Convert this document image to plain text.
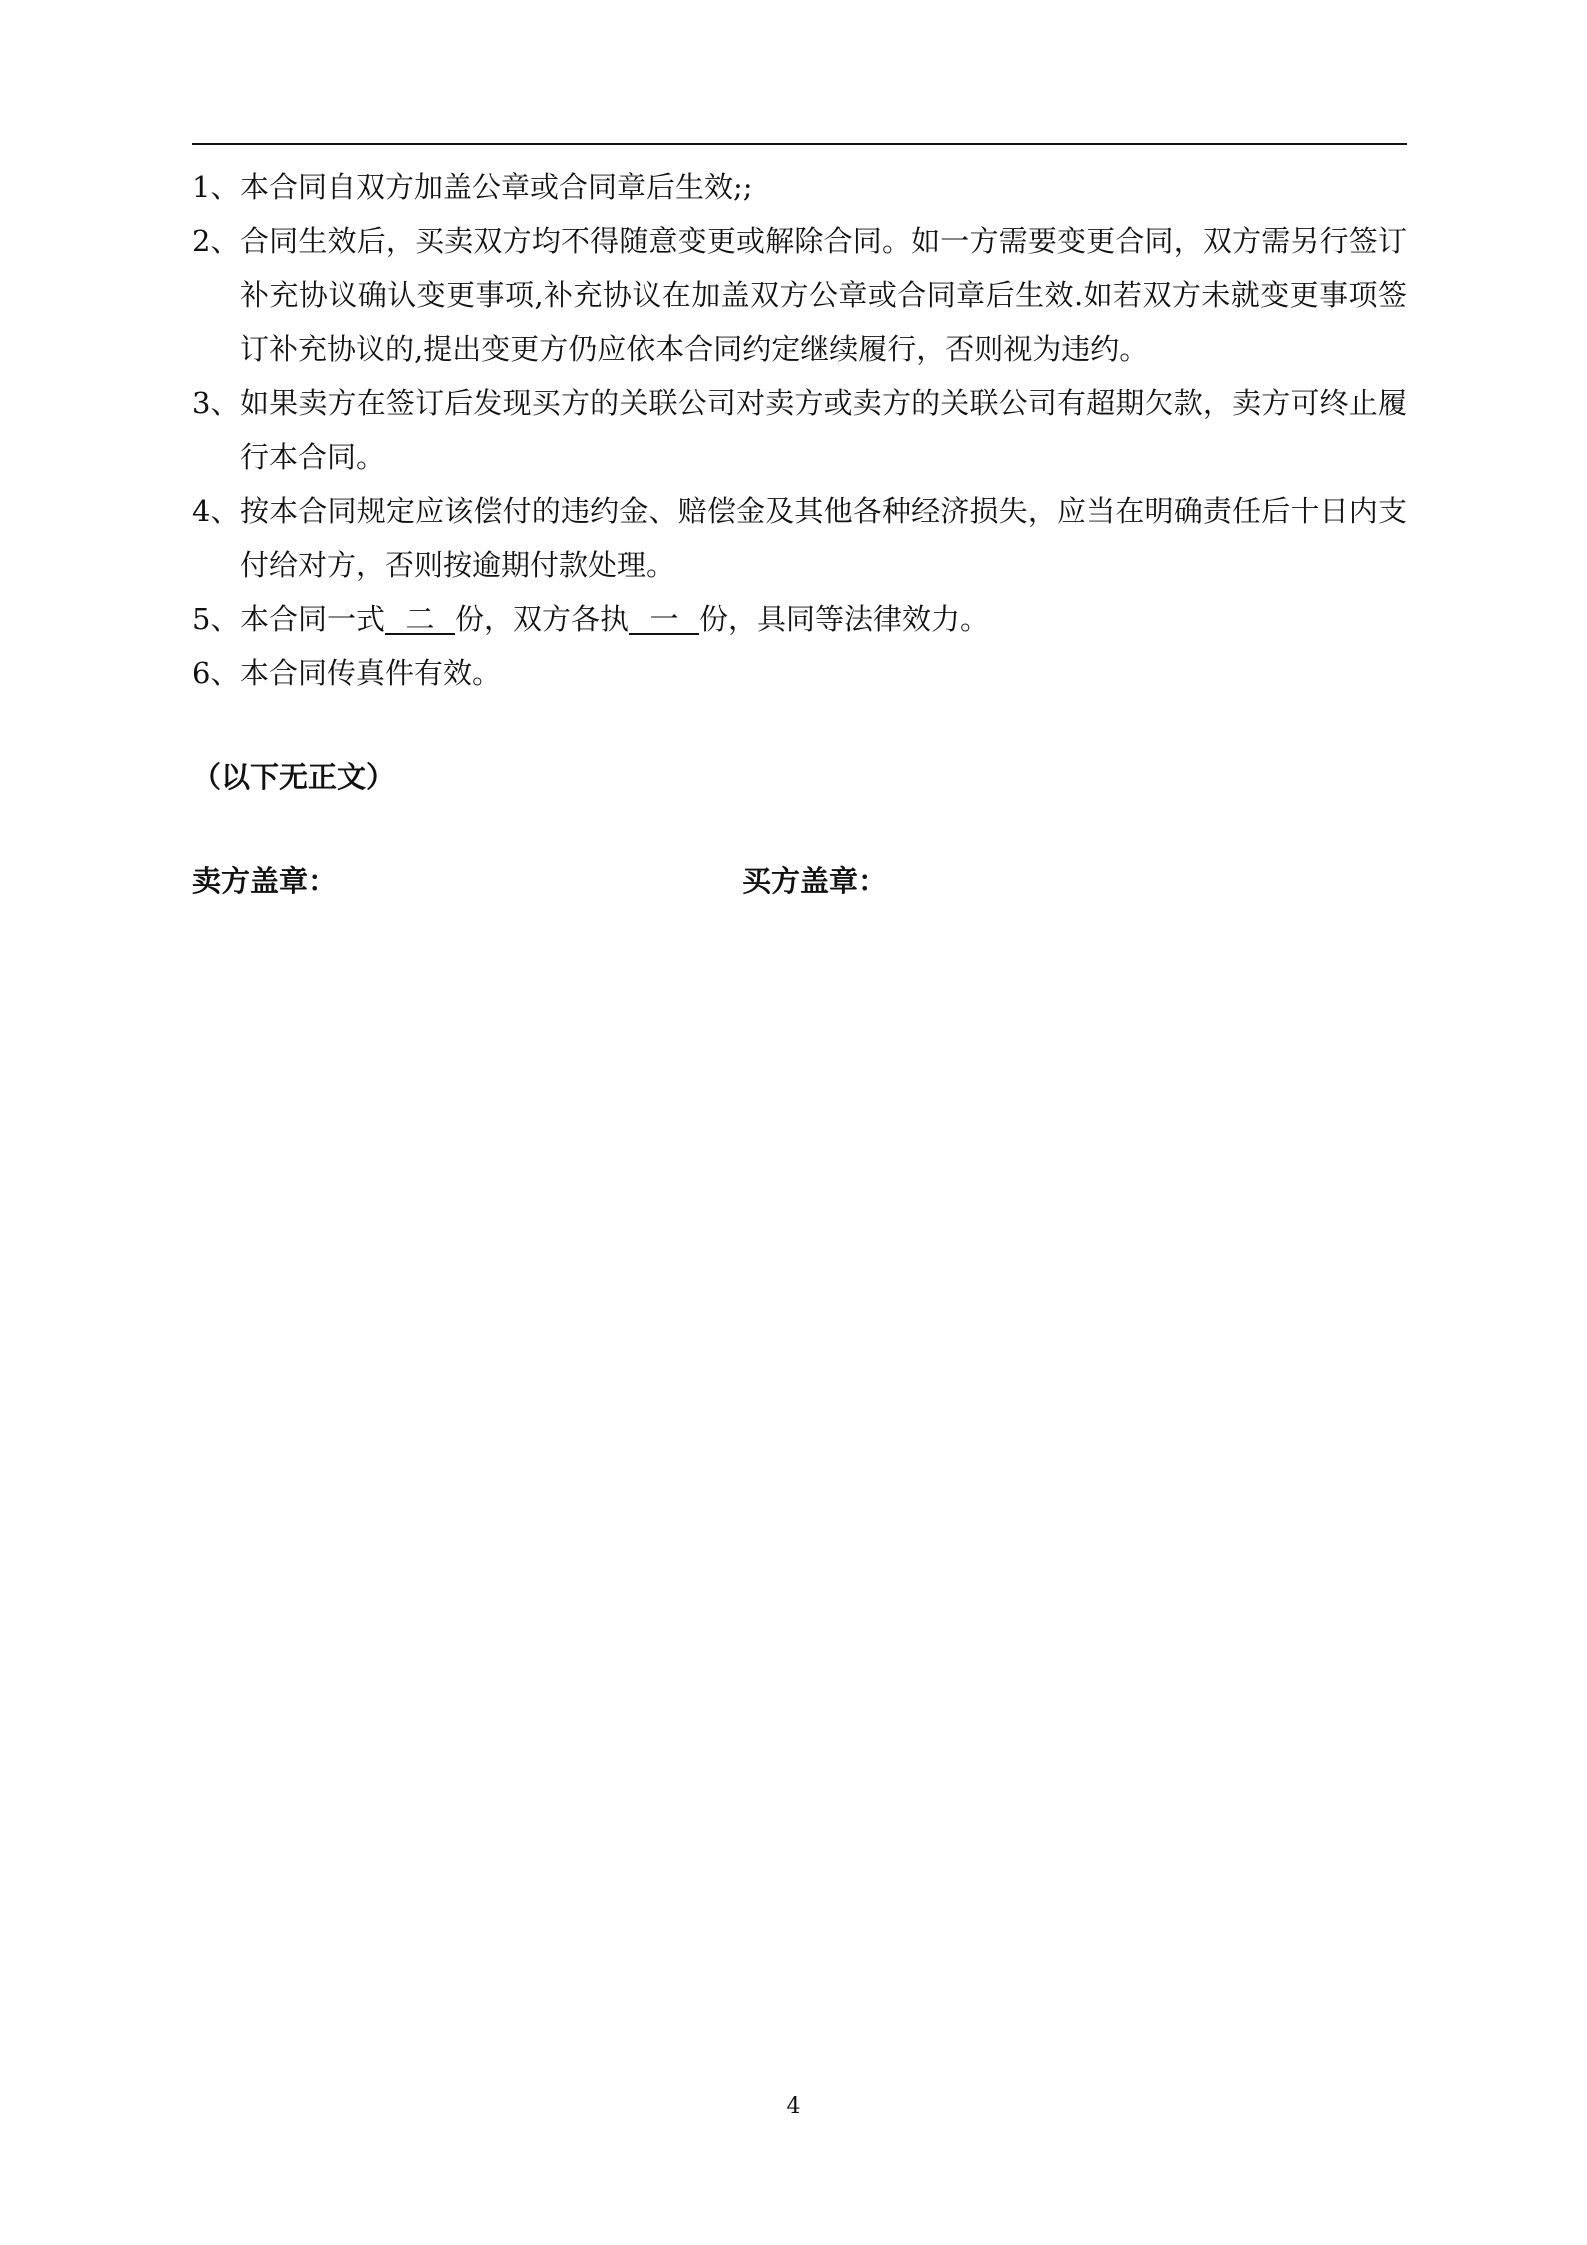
1、 本合同自双方加盖公章或合同章后生效;;
2、 合同生效后，买卖双方均不得随意变更或解除合同。如一方需要变更合同，双方需另行签订补充协议确认变更事项,补充协议在加盖双方公章或合同章后生效.如若双方未就变更事项签订补充协议的,提出变更方仍应依本合同约定继续履行，否则视为违约。
3、 如果卖方在签订后发现买方的关联公司对卖方或卖方的关联公司有超期欠款，卖方可终止履行本合同。
4、 按本合同规定应该偿付的违约金、赔偿金及其他各种经济损失，应当在明确责任后十日内支付给对方，否则按逾期付款处理。
5、 本合同一式 二 份，双方各执 一 份，具同等法律效力。
6、 本合同传真件有效。

（以下无正文）

卖方盖章：	买方盖章：

4
